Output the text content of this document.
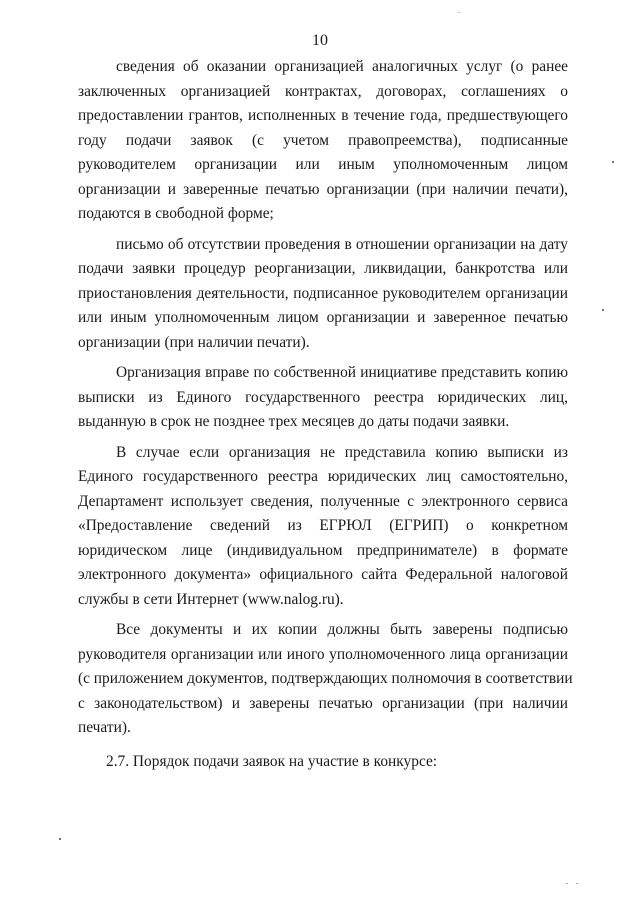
10
сведения об оказании организацией аналогичных услуг (о ранее
заключенных организацией контрактах, договорах, соглашениях о
предоставлении грантов, исполненных в течение года, предшествующего
году подачи заявок (с учетом правопреемства), подписанные
руководителем организации или иным уполномоченным лицом
организации и заверенные печатью организации (при наличии печати),
подаются в свободной форме;
письмо об отсутствии проведения в отношении организации на дату
подачи заявки процедур реорганизации, ликвидации, банкротства или
приостановления деятельности, подписанное руководителем организации
или иным уполномоченным лицом организации и заверенное печатью
организации (при наличии печати).
Организация вправе по собственной инициативе представить копию
выписки из Единого государственного реестра юридических лиц,
выданную в срок не позднее трех месяцев до даты подачи заявки.
В случае если организация не представила копию выписки из
Единого государственного реестра юридических лиц самостоятельно,
Департамент использует сведения, полученные с электронного сервиса
«Предоставление сведений из ЕГРЮЛ (ЕГРИП) о конкретном
юридическом лице (индивидуальном предпринимателе) в формате
электронного документа» официального сайта Федеральной налоговой
службы в сети Интернет (www.nalog.ru).
Все документы и их копии должны быть заверены подписью
руководителя организации или иного уполномоченного лица организации
(с приложением документов, подтверждающих полномочия в соответствии
с законодательством) и заверены печатью организации (при наличии
печати).
2.7. Порядок подачи заявок на участие в конкурсе:
